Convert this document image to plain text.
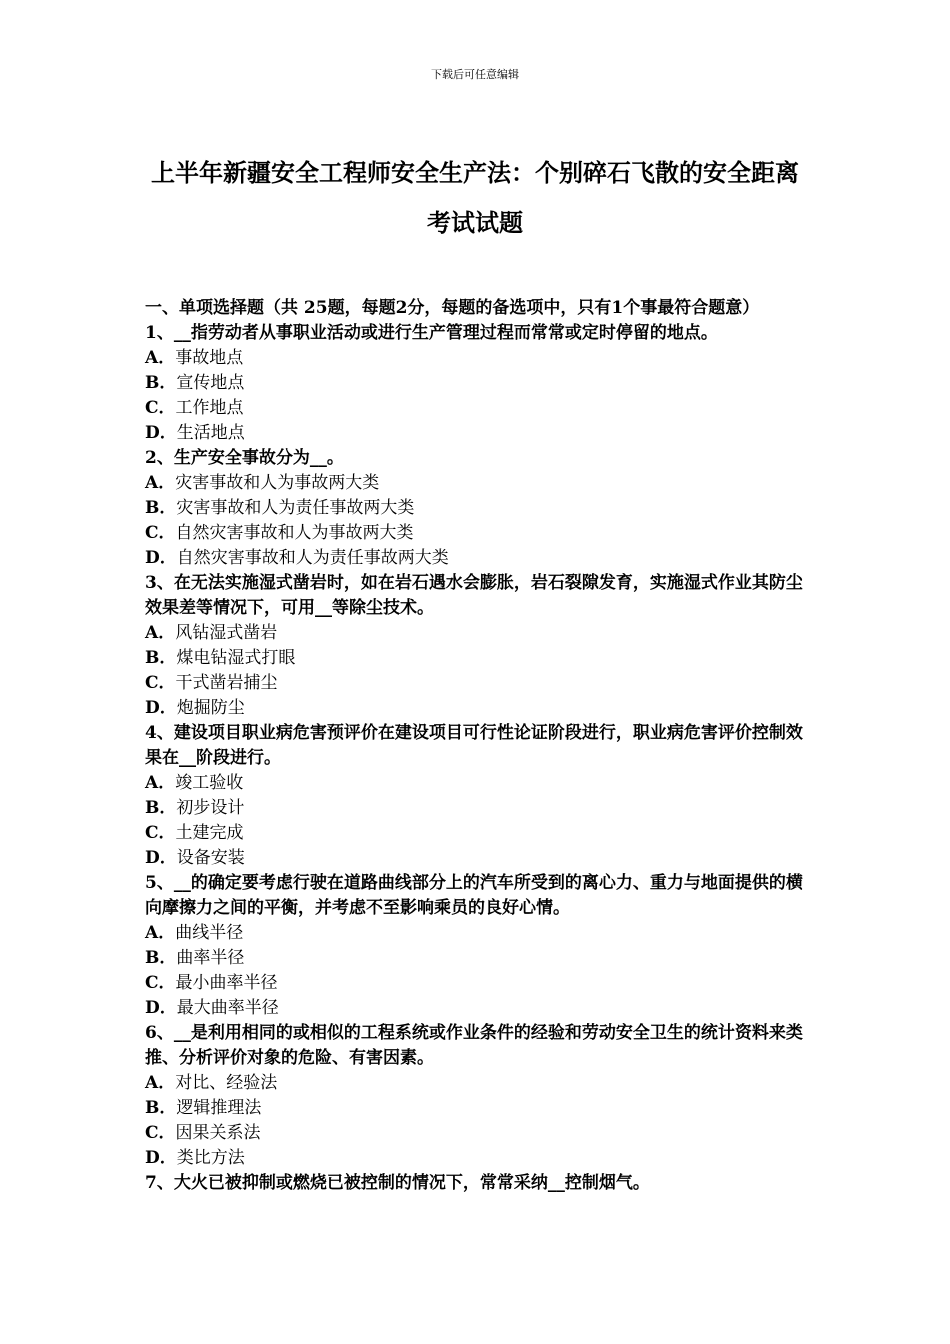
下载后可任意编辑
上半年新疆安全工程师安全生产法：个别碎石飞散的安全距离考试试题

一、单项选择题（共 25题，每题2分，每题的备选项中，只有1个事最符合题意）

1、__指劳动者从事职业活动或进行生产管理过程而常常或定时停留的地点。

A．事故地点

B．宣传地点

C．工作地点

D．生活地点

2、生产安全事故分为__。

A．灾害事故和人为事故两大类

B．灾害事故和人为责任事故两大类

C．自然灾害事故和人为事故两大类

D．自然灾害事故和人为责任事故两大类

3、在无法实施湿式凿岩时，如在岩石遇水会膨胀，岩石裂隙发育，实施湿式作业其防尘效果差等情况下，可用__等除尘技术。

A．风钻湿式凿岩

B．煤电钻湿式打眼

C．干式凿岩捕尘

D．炮掘防尘

4、建设项目职业病危害预评价在建设项目可行性论证阶段进行，职业病危害评价控制效果在__阶段进行。

A．竣工验收

B．初步设计

C．土建完成

D．设备安装

5、__的确定要考虑行驶在道路曲线部分上的汽车所受到的离心力、重力与地面提供的横向摩擦力之间的平衡，并考虑不至影响乘员的良好心情。

A．曲线半径

B．曲率半径

C．最小曲率半径

D．最大曲率半径

6、__是利用相同的或相似的工程系统或作业条件的经验和劳动安全卫生的统计资料来类推、分析评价对象的危险、有害因素。

A．对比、经验法

B．逻辑推理法

C．因果关系法

D．类比方法

7、大火已被抑制或燃烧已被控制的情况下，常常采纳__控制烟气。
